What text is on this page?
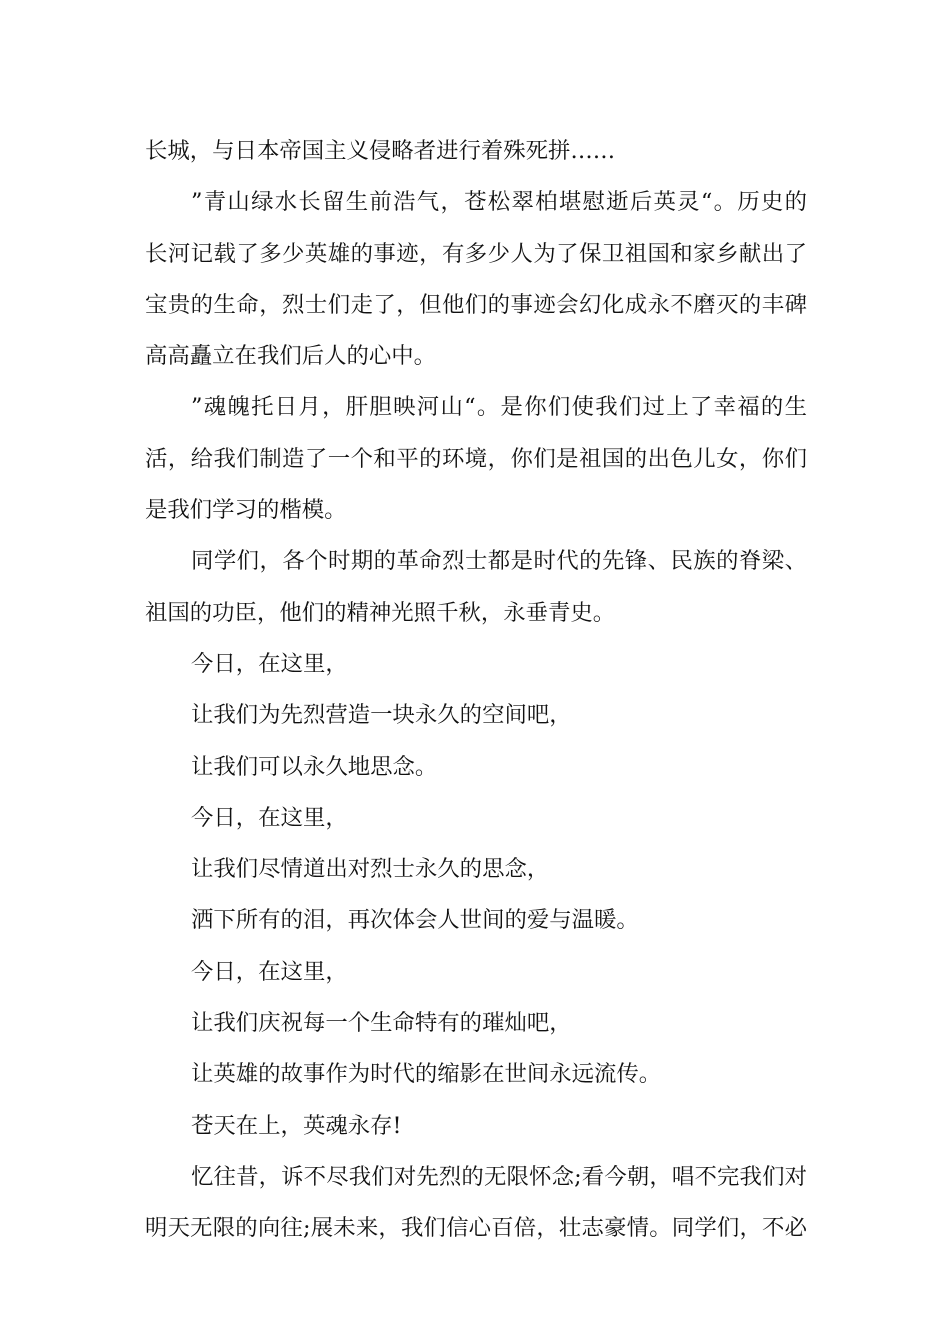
长城，与日本帝国主义侵略者进行着殊死拼……
”青山绿水长留生前浩气，苍松翠柏堪慰逝后英灵“。历史的
长河记载了多少英雄的事迹，有多少人为了保卫祖国和家乡献出了
宝贵的生命，烈士们走了，但他们的事迹会幻化成永不磨灭的丰碑
高高矗立在我们后人的心中。
”魂魄托日月，肝胆映河山“。是你们使我们过上了幸福的生
活，给我们制造了一个和平的环境，你们是祖国的出色儿女，你们
是我们学习的楷模。
同学们，各个时期的革命烈士都是时代的先锋、民族的脊梁、
祖国的功臣，他们的精神光照千秋，永垂青史。
今日，在这里，
让我们为先烈营造一块永久的空间吧，
让我们可以永久地思念。
今日，在这里，
让我们尽情道出对烈士永久的思念，
洒下所有的泪，再次体会人世间的爱与温暖。
今日，在这里，
让我们庆祝每一个生命特有的璀灿吧，
让英雄的故事作为时代的缩影在世间永远流传。
苍天在上，英魂永存!
忆往昔，诉不尽我们对先烈的无限怀念;看今朝，唱不完我们对
明天无限的向往;展未来，我们信心百倍，壮志豪情。同学们，不必
